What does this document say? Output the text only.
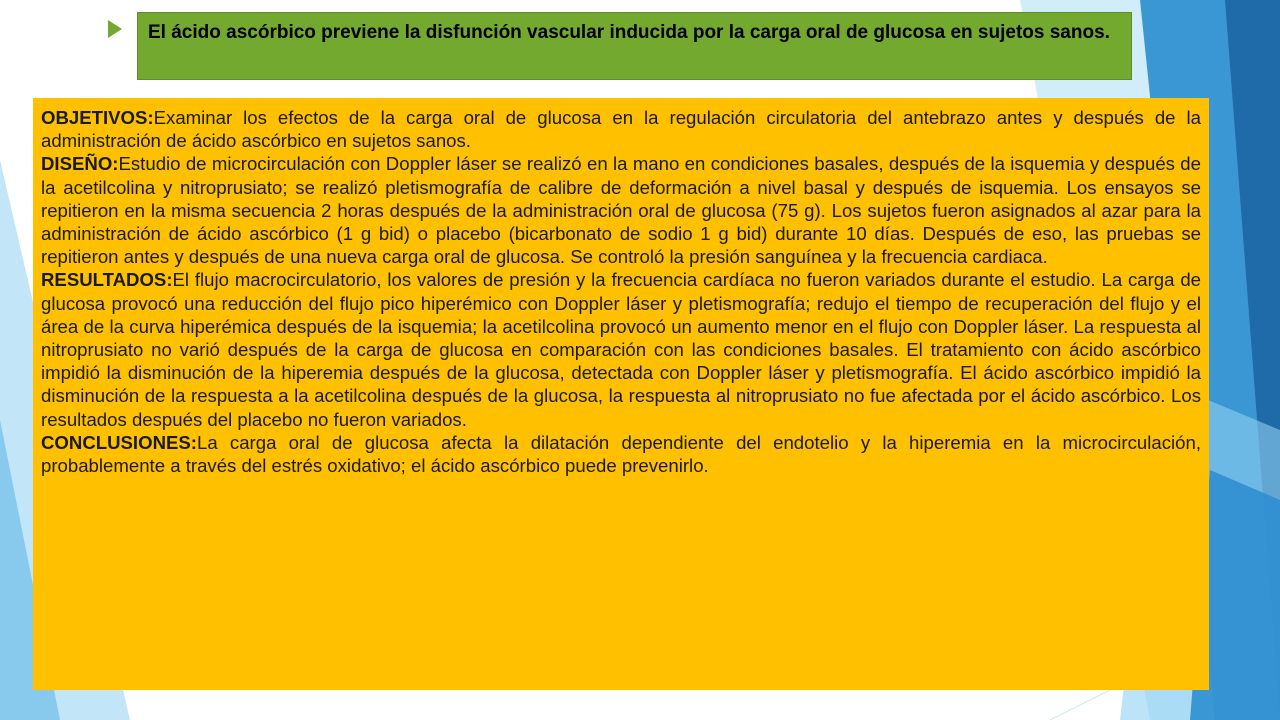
El ácido ascórbico previene la disfunción vascular inducida por la carga oral de glucosa en sujetos sanos.

OBJETIVOS:Examinar los efectos de la carga oral de glucosa en la regulación circulatoria del antebrazo antes y después de la administración de ácido ascórbico en sujetos sanos.

DISEÑO:Estudio de microcirculación con Doppler láser se realizó en la mano en condiciones basales, después de la isquemia y después de la acetilcolina y nitroprusiato; se realizó pletismografía de calibre de deformación a nivel basal y después de isquemia. Los ensayos se repitieron en la misma secuencia 2 horas después de la administración oral de glucosa (75 g). Los sujetos fueron asignados al azar para la administración de ácido ascórbico (1 g bid) o placebo (bicarbonato de sodio 1 g bid) durante 10 días. Después de eso, las pruebas se repitieron antes y después de una nueva carga oral de glucosa. Se controló la presión sanguínea y la frecuencia cardiaca.

RESULTADOS:El flujo macrocirculatorio, los valores de presión y la frecuencia cardíaca no fueron variados durante el estudio. La carga de glucosa provocó una reducción del flujo pico hiperémico con Doppler láser y pletismografía; redujo el tiempo de recuperación del flujo y el área de la curva hiperémica después de la isquemia; la acetilcolina provocó un aumento menor en el flujo con Doppler láser. La respuesta al nitroprusiato no varió después de la carga de glucosa en comparación con las condiciones basales. El tratamiento con ácido ascórbico impidió la disminución de la hiperemia después de la glucosa, detectada con Doppler láser y pletismografía. El ácido ascórbico impidió la disminución de la respuesta a la acetilcolina después de la glucosa, la respuesta al nitroprusiato no fue afectada por el ácido ascórbico. Los resultados después del placebo no fueron variados.

CONCLUSIONES:La carga oral de glucosa afecta la dilatación dependiente del endotelio y la hiperemia en la microcirculación, probablemente a través del estrés oxidativo; el ácido ascórbico puede prevenirlo.
